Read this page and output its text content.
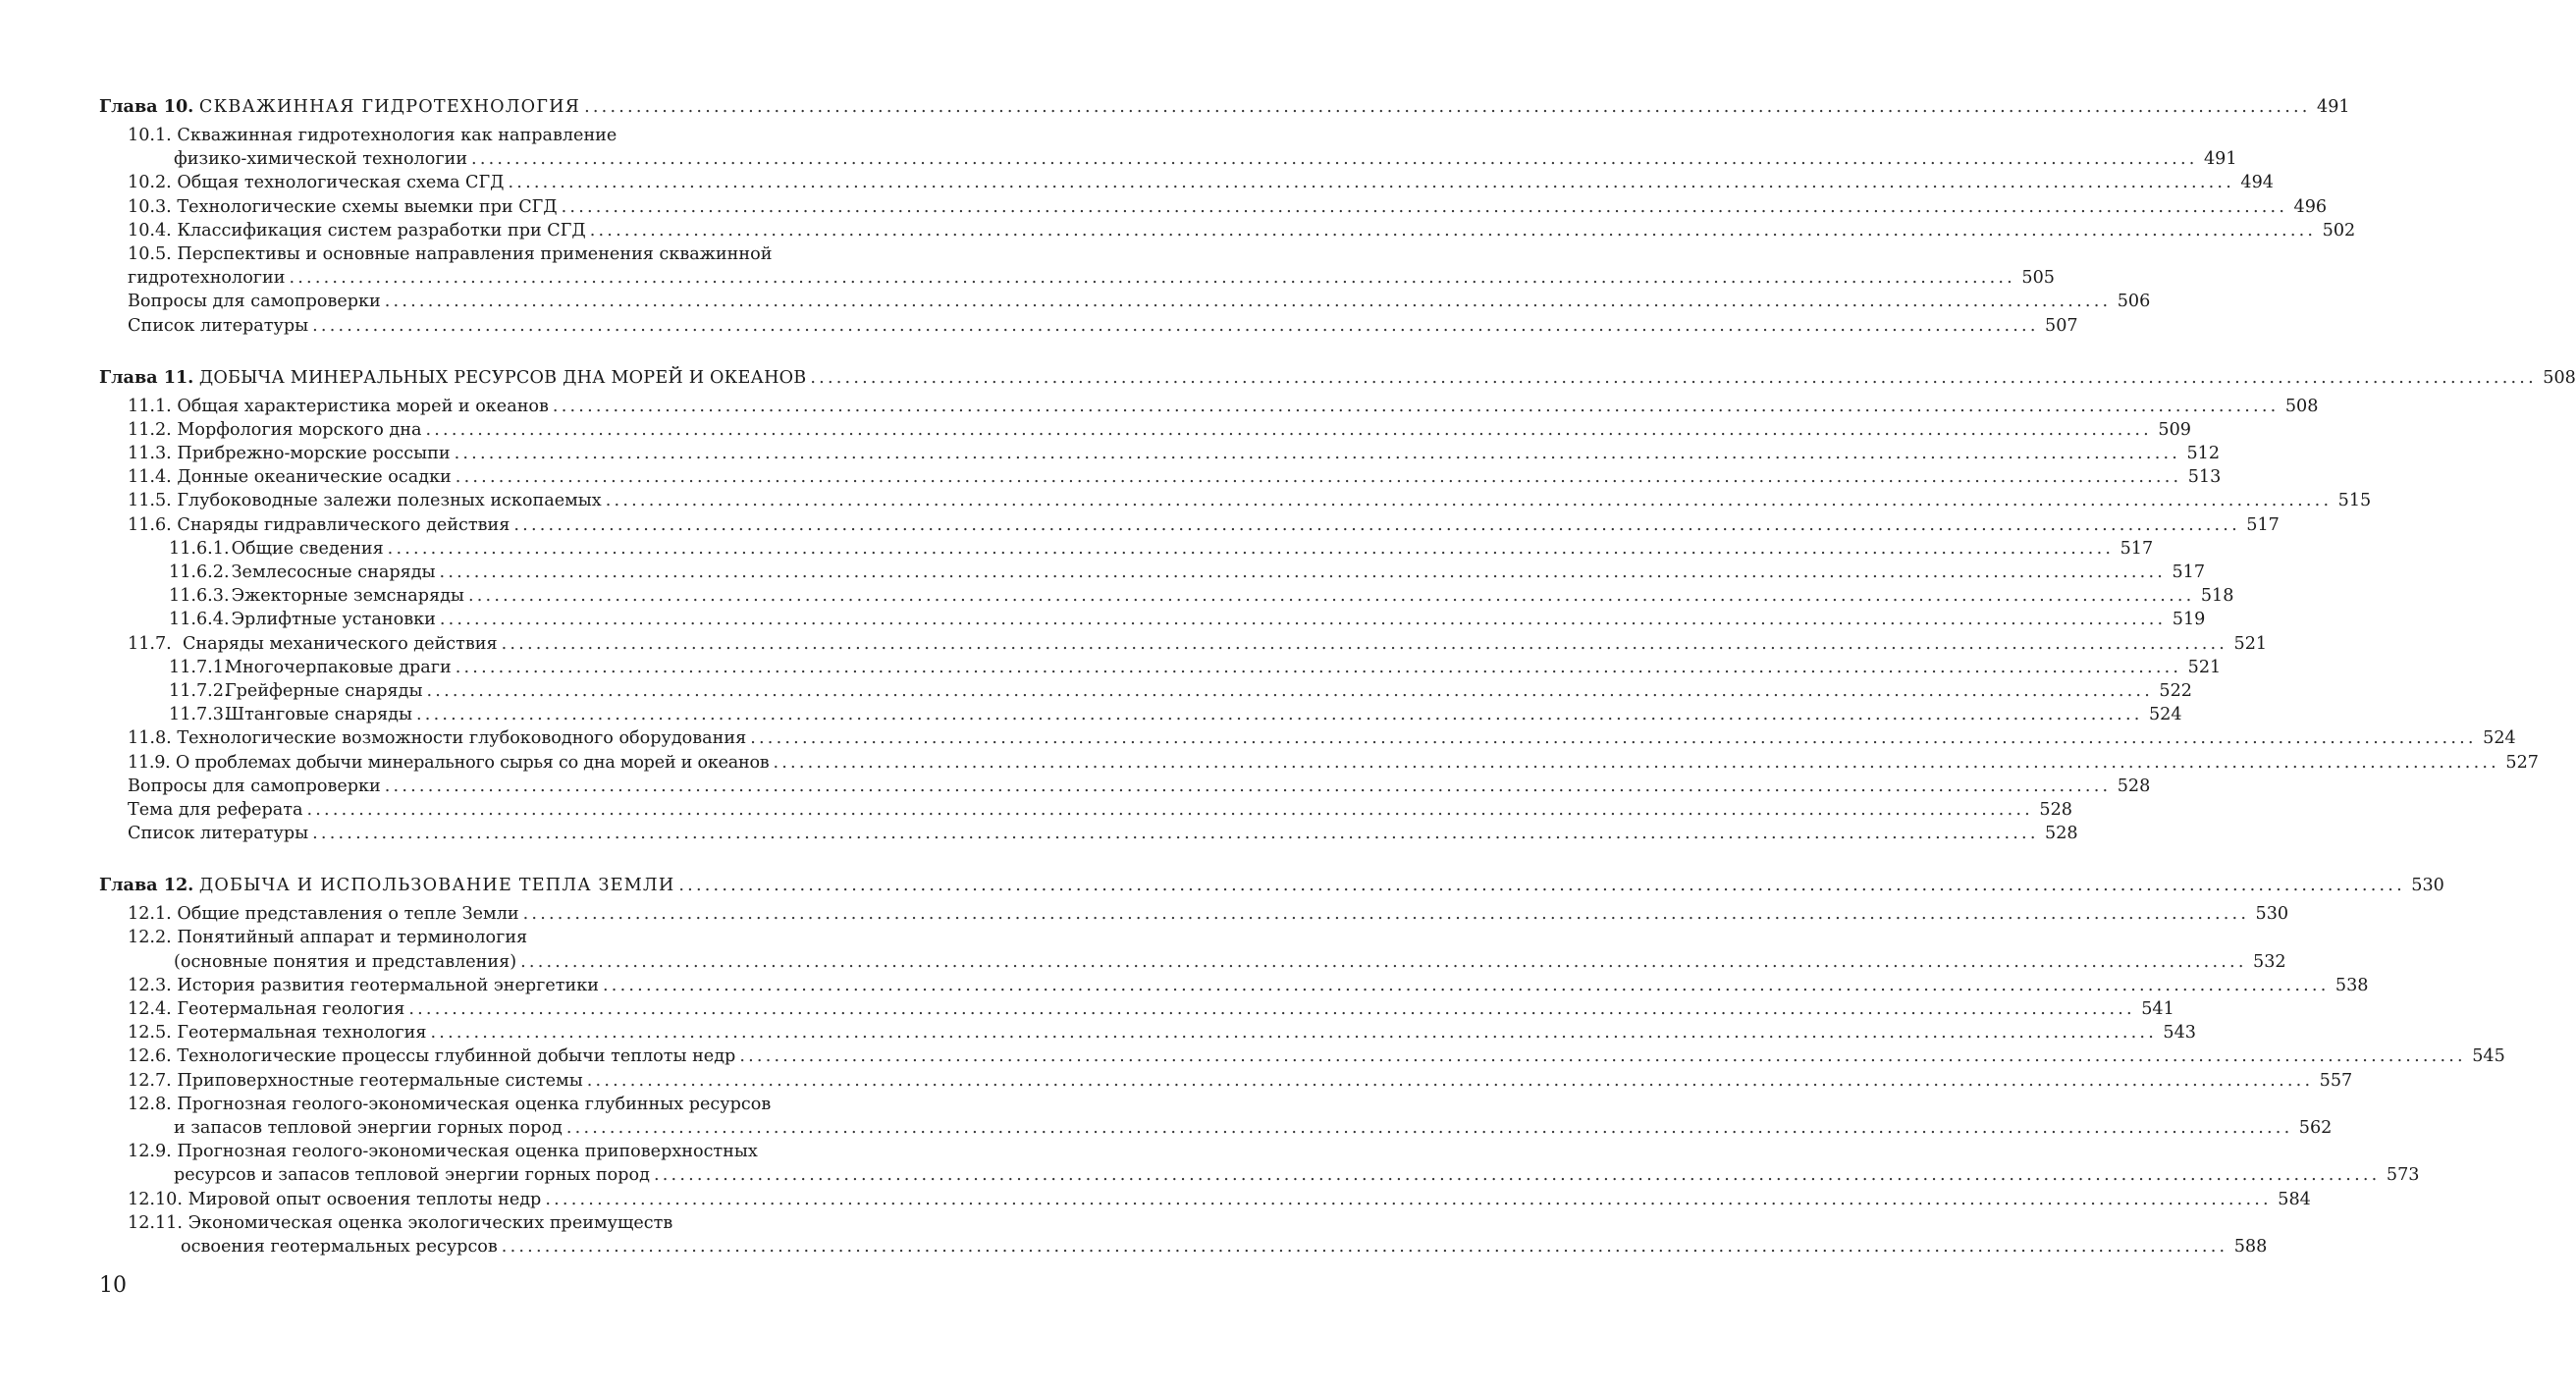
Глава 10. СКВАЖИННАЯ ГИДРОТЕХНОЛОГИЯ ........................................................................................................................................................................................................ 491
10.1. Скважинная гидротехнология как направление
физико-химической технологии ........................................................................................................................................................................................................ 491
10.2. Общая технологическая схема СГД ........................................................................................................................................................................................................ 494
10.3. Технологические схемы выемки при СГД ........................................................................................................................................................................................................ 496
10.4. Классификация систем разработки при СГД ........................................................................................................................................................................................................ 502
10.5. Перспективы и основные направления применения скважинной
гидротехнологии ........................................................................................................................................................................................................ 505
Вопросы для самопроверки ........................................................................................................................................................................................................ 506
Список литературы ........................................................................................................................................................................................................ 507
Глава 11. ДОБЫЧА МИНЕРАЛЬНЫХ РЕСУРСОВ ДНА МОРЕЙ И ОКЕАНОВ ........................................................................................................................................................................................................ 508
11.1. Общая характеристика морей и океанов ........................................................................................................................................................................................................ 508
11.2. Морфология морского дна ........................................................................................................................................................................................................ 509
11.3. Прибрежно-морские россыпи ........................................................................................................................................................................................................ 512
11.4. Донные океанические осадки ........................................................................................................................................................................................................ 513
11.5. Глубоководные залежи полезных ископаемых ........................................................................................................................................................................................................ 515
11.6. Снаряды гидравлического действия ........................................................................................................................................................................................................ 517
11.6.1. Общие сведения ........................................................................................................................................................................................................ 517
11.6.2. Землесосные снаряды ........................................................................................................................................................................................................ 517
11.6.3. Эжекторные земснаряды ........................................................................................................................................................................................................ 518
11.6.4. Эрлифтные установки ........................................................................................................................................................................................................ 519
11.7. Снаряды механического действия ........................................................................................................................................................................................................ 521
11.7.1.Многочерпаковые драги ........................................................................................................................................................................................................ 521
11.7.2.Грейферные снаряды ........................................................................................................................................................................................................ 522
11.7.3.Штанговые снаряды ........................................................................................................................................................................................................ 524
11.8. Технологические возможности глубоководного оборудования ........................................................................................................................................................................................................ 524
11.9. О проблемах добычи минерального сырья со дна морей и океанов ........................................................................................................................................................................................................ 527
Вопросы для самопроверки ........................................................................................................................................................................................................ 528
Тема для реферата ........................................................................................................................................................................................................ 528
Список литературы ........................................................................................................................................................................................................ 528
Глава 12. ДОБЫЧА И ИСПОЛЬЗОВАНИЕ ТЕПЛА ЗЕМЛИ ........................................................................................................................................................................................................ 530
12.1. Общие представления о тепле Земли ........................................................................................................................................................................................................ 530
12.2. Понятийный аппарат и терминология
(основные понятия и представления) ........................................................................................................................................................................................................ 532
12.3. История развития геотермальной энергетики ........................................................................................................................................................................................................ 538
12.4. Геотермальная геология ........................................................................................................................................................................................................ 541
12.5. Геотермальная технология ........................................................................................................................................................................................................ 543
12.6. Технологические процессы глубинной добычи теплоты недр ........................................................................................................................................................................................................ 545
12.7. Приповерхностные геотермальные системы ........................................................................................................................................................................................................ 557
12.8. Прогнозная геолого-экономическая оценка глубинных ресурсов
и запасов тепловой энергии горных пород ........................................................................................................................................................................................................ 562
12.9. Прогнозная геолого-экономическая оценка приповерхностных
ресурсов и запасов тепловой энергии горных пород ........................................................................................................................................................................................................ 573
12.10. Мировой опыт освоения теплоты недр ........................................................................................................................................................................................................ 584
12.11. Экономическая оценка экологических преимуществ
освоения геотермальных ресурсов ........................................................................................................................................................................................................ 588
10
